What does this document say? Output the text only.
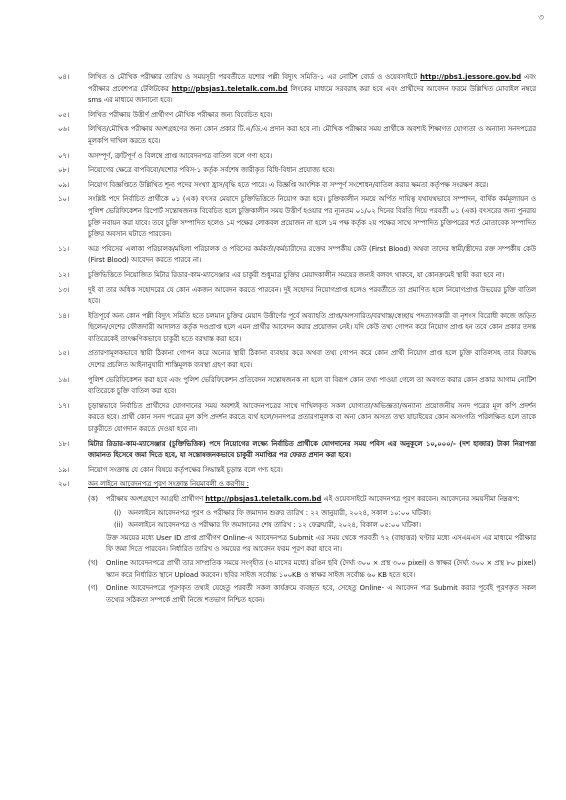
৩
০৪।	লিখিত ও মৌখিক পরীক্ষার তারিখ ও সময়সূচী পরবর্তীতে যশোর পল্লী বিদ্যুৎ সমিতি-১ এর নোটিশ বোর্ড ও ওয়েবসাইটে http://pbs1.jessore.gov.bd এবং পরীক্ষার প্রবেশপত্র টেলিটকের http://pbsjas1.teletalk.com.bd লিংকের মাধ্যমে সরবরাহ করা হবে এবং প্রার্থীদের আবেদন ফরমে উল্লিখিত মোবাইল নম্বরে sms এর মাধ্যমে জানানো হবে।
০৫।	লিখিত পরীক্ষায় উত্তীর্ণ প্রার্থীগণ মৌখিক পরীক্ষার জন্য বিবেচিত হবে।
০৬।	লিখিত/মৌখিক পরীক্ষায় অংশগ্রহণের জন্য কোন প্রকার টি.এ/ডি.এ প্রদান করা হবে না। মৌখিক পরীক্ষার সময় প্রার্থীকে অবশ্যই শিক্ষাগত যোগ্যতা ও অন্যান্য সনদপত্রের মূলকপি দাখিল করতে হবে।
০৭।	অসম্পূর্ণ, ত্রুটিপূর্ণ ও বিলম্বে প্রাপ্ত আবেদনপত্র বাতিল বলে গণ্য হবে।
০৮।	নিয়োগের ক্ষেত্রে বাপবিবো/যশোর পবিস-১ কর্তৃক সর্বশেষ জারীকৃত বিধি-বিধান প্রযোজ্য হবে।
০৯।	নিয়োগ বিজ্ঞপ্তিতে উল্লিখিত শূন্য পদের সংখ্যা হ্রাস/বৃদ্ধি হতে পারে। এ বিজ্ঞপ্তি আংশিক বা সম্পূর্ণ সংশোধন/বাতিল করার ক্ষমতা কর্তৃপক্ষ সংরক্ষণ করে।
১০।	সংশ্লিষ্ট পদে নির্বাচিত প্রার্থীকে ০১ (এক) বৎসর মেয়াদে চুক্তিভিত্তিতে নিয়োগ করা হবে। চুক্তিকালীন সময়ে অর্পিত দায়িত্ব যথাযথভাবে সম্পাদন, বার্ষিক কর্মমূল্যায়ন ও পুলিশ ভেরিফিকেশন রিপোর্ট সন্তোষজনক বিবেচিত হলে চুক্তিকালীন সময় উত্তীর্ণ হওয়ার পর ন্যূনতম ০১/০২ দিনের বিরতি দিয়ে পরবর্তী ০১ (এক) বৎসরের জন্য পুনরায় চুক্তি নবায়ন করা যাবে। তবে চুক্তি সম্পাদিত হলেও ১ম পক্ষের লোকবল প্রয়োজন না হলে ১ম পক্ষ কর্তৃক ২য় পক্ষের সাথে সম্পাদিত চুক্তিপত্রের শর্ত মোতাবেক সম্পাদিত চুক্তির অবসান ঘটাতে পারবেন।
১১।	অত্র পবিসের এলাকা পরিচালক/মহিলা পরিচালক ও পবিসের কর্মকর্তা/কর্মচারীদের রক্তের সম্পর্কীয় কেউ (First Blood) অথবা তাদের স্বামী/স্ত্রীদের রক্ত সম্পর্কীয় কেউ (First Blood) আবেদন করতে পারবে না।
১২।	চুক্তিভিত্তিতে নিয়োজিত মিটার রিডার-কাম-ম্যাসেঞ্জার এর চাকুরী শুধুমাত্র চুক্তির মেয়াদকালীন সময়ের জন্যই বলবৎ থাকবে, যা কোনক্রমেই স্থায়ী করা হবে না।
১৩।	দুই বা তার অধিক সহোদরের যে কোন একজন আবেদন করতে পারবেন। দুই সহোদর নিয়োগপ্রাপ্ত হলেও পরবর্তীতে তা প্রমাণিত হলে নিয়োগপ্রাপ্ত উভয়ের চুক্তি বাতিল হবে।
১৪।	ইতিপূর্বে অন্য কোন পল্লী বিদ্যুৎ সমিতি হতে চলমান চুক্তির মেয়াদ উত্তীর্ণের পূর্বে অব্যাহতি প্রাপ্ত/অপসারিত/বরখাস্ত/স্বেচ্ছায় পদত্যাগকারী বা নৃশংস বিরোধী কাজে জড়িত ছিলেন/দেশের ফৌজদারী আদালত কর্তৃক দণ্ডপ্রাপ্ত হলে এমন প্রার্থীর আবেদন করার প্রয়োজন নেই। যদি কেউ তথ্য গোপন করে নিয়োগ প্রাপ্ত হন তবে কোন প্রকার তদন্ত ব্যতিরেকেই তাৎক্ষণিকভাবে চাকুরী হতে বরখাস্ত করা হবে।
১৫।	প্রতারণামূলকভাবে স্থায়ী ঠিকানা গোপন করে অন্যের স্থায়ী ঠিকানা ব্যবহার করে অথবা তথ্য গোপন করে কোন প্রার্থী নিয়োগ প্রাপ্ত হলে চুক্তি বাতিলসহ তার বিরুদ্ধে দেশের প্রচলিত আইনানুযায়ী শাস্তিমূলক ব্যবস্থা গ্রহণ করা হবে।
১৬।	পুলিশ ভেরিফিকেশন করা হবে এবং পুলিশ ভেরিফিকেশন প্রতিবেদন সন্তোষজনক না হলে বা বিরূপ কোন তথ্য পাওয়া গেলে তা অবগত করার কোন প্রকার আগাম নোটিশ ব্যতিরেকে চুক্তি বাতিল করা হবে।
১৭।	চূড়ান্তভাবে নির্বাচিত প্রার্থীদের যোগদানের সময় অবশ্যই আবেদনপত্রের সাথে দাখিলকৃত সকল যোগ্যতা/অভিজ্ঞতা/অন্যান্য প্রয়োজনীয় সনদ পত্রের মূল কপি প্রদর্শন করতে হবে। প্রার্থী কোন সনদ পত্রের মূল কপি প্রদর্শন করতে ব্যর্থ হলে/সনদপত্র প্রতারণামূলক বা অন্য কোন অসত্য তথ্য যাচাইয়ের কোন অসংগতি পরিলক্ষিত হলে তাকে চাকুরীতে যোগদান করতে দেওয়া হবে না।
১৮।	মিটার রিডার-কাম-ম্যাসেঞ্জার (চুক্তিভিত্তিক) পদে নিয়োগের লক্ষ্যে নির্বাচিত প্রার্থীকে যোগদানের সময় পবিস এর অনুকূলে ১০,০০০/- (দশ হাজার) টাকা নিরাপত্তা জামানত হিসেবে জমা দিতে হবে, যা সন্তোষজনকভাবে চাকুরী সমাপ্তির পর ফেরত প্রদান করা হবে।
১৯।	নিয়োগ সংক্রান্ত যে কোন বিষয়ে কর্তৃপক্ষের সিদ্ধান্তই চূড়ান্ত বলে গণ্য হবে।
২০।	অন লাইনে আবেদনপত্র পূরণ সংক্রান্ত নিয়মাবলী ও করণীয় :
(ক)	পরীক্ষায় অংশগ্রহণে আগ্রহী প্রার্থীগণ http://pbsjas1.teletalk.com.bd এই ওয়েবসাইটে আবেদনপত্র পূরণ করবেন। আবেদনের সময়সীমা নিম্নরূপ:
(i) অনলাইনে আবেদনপত্র পূরণ ও পরীক্ষার ফি জমাদান শুরুর তারিখ : ২২ জানুয়ারী, ২০২৪, সকাল ১০:০০ ঘটিকা।
(ii) অনলাইনে আবেদনপত্র ও পরীক্ষার ফি জমাদানের শেষ তারিখ : ১২ ফেব্রুয়ারী, ২০২৪, বিকাল ০৫:০০ ঘটিকা।
উক্ত সময়ের মধ্যে User ID প্রাপ্ত প্রার্থীগণ Online-এ আবেদনপত্র Submit এর সময় থেকে পরবর্তী ৭২ (বাহাত্তর) ঘণ্টার মধ্যে এসএমএস এর মাধ্যমে পরীক্ষার ফি জমা দিতে পারবেন। নির্ধারিত তারিখ ও সময়ের পর আবেদন ফরম পূরণ করা যাবে না।
(খ)	Online আবেদনপত্রে প্রার্থী তার সাম্প্রতিক সময়ে সংগৃহীত (৩ মাসের মধ্যে) রঙিন ছবি (দৈর্ঘ্য ৩০০ × প্রস্থ ৩০০ pixel) ও স্বাক্ষর (দৈর্ঘ্য ৩০০ × প্রস্থ ৮০ pixel) স্ক্যান করে নির্ধারিত স্থানে Upload করবেন। ছবির সাইজ সর্বোচ্চ ১০০KB ও স্বাক্ষর সাইজ সর্বোচ্চ ৬০ KB হতে হবে।
(গ)	Online আবেদনপত্রে পূরণকৃত তথ্যই যেহেতু পরবর্তী সকল কার্যক্রমে ব্যবহৃত হবে, সেহেতু Online- এ আবেদন পত্র Submit করার পূর্বেই পূরণকৃত সকল তথ্যের সঠিকতা সম্পর্কে প্রার্থী নিজে শতভাগ নিশ্চিত হবেন।
